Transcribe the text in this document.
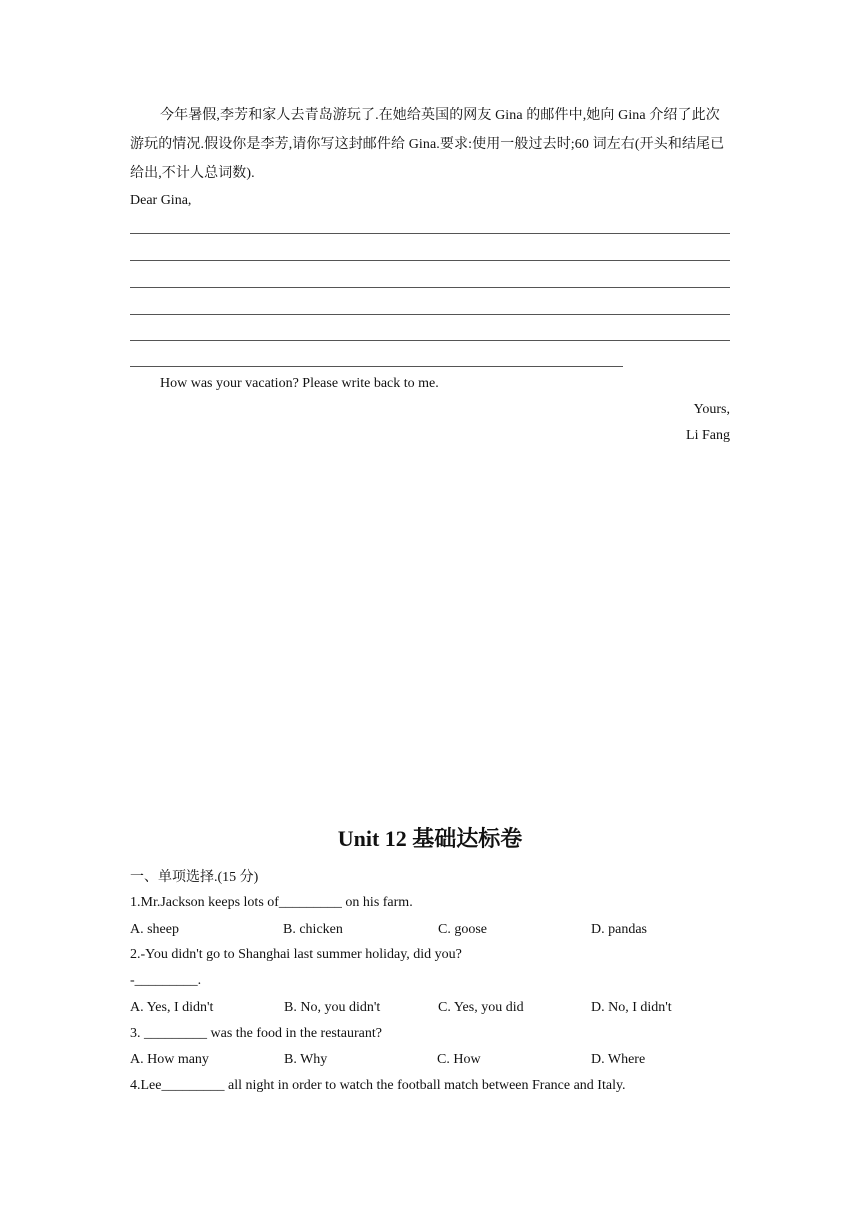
今年暑假,李芳和家人去青岛游玩了.在她给英国的网友 Gina 的邮件中,她向 Gina 介绍了此次游玩的情况.假设你是李芳,请你写这封邮件给 Gina.要求:使用一般过去时;60 词左右(开头和结尾已给出,不计人总词数).
Dear Gina,
How was your vacation? Please write back to me.
Yours,
Li Fang
Unit 12 基础达标卷
一、单项选择.(15 分)
1.Mr.Jackson keeps lots of_________ on his farm.
A. sheep	B. chicken	C. goose	D. pandas
2.-You didn't go to Shanghai last summer holiday, did you?
-_________.
A. Yes, I didn't	B. No, you didn't	C. Yes, you did	D. No, I didn't
3. _________ was the food in the restaurant?
A. How many	B. Why	C. How	D. Where
4.Lee_________ all night in order to watch the football match between France and Italy.
